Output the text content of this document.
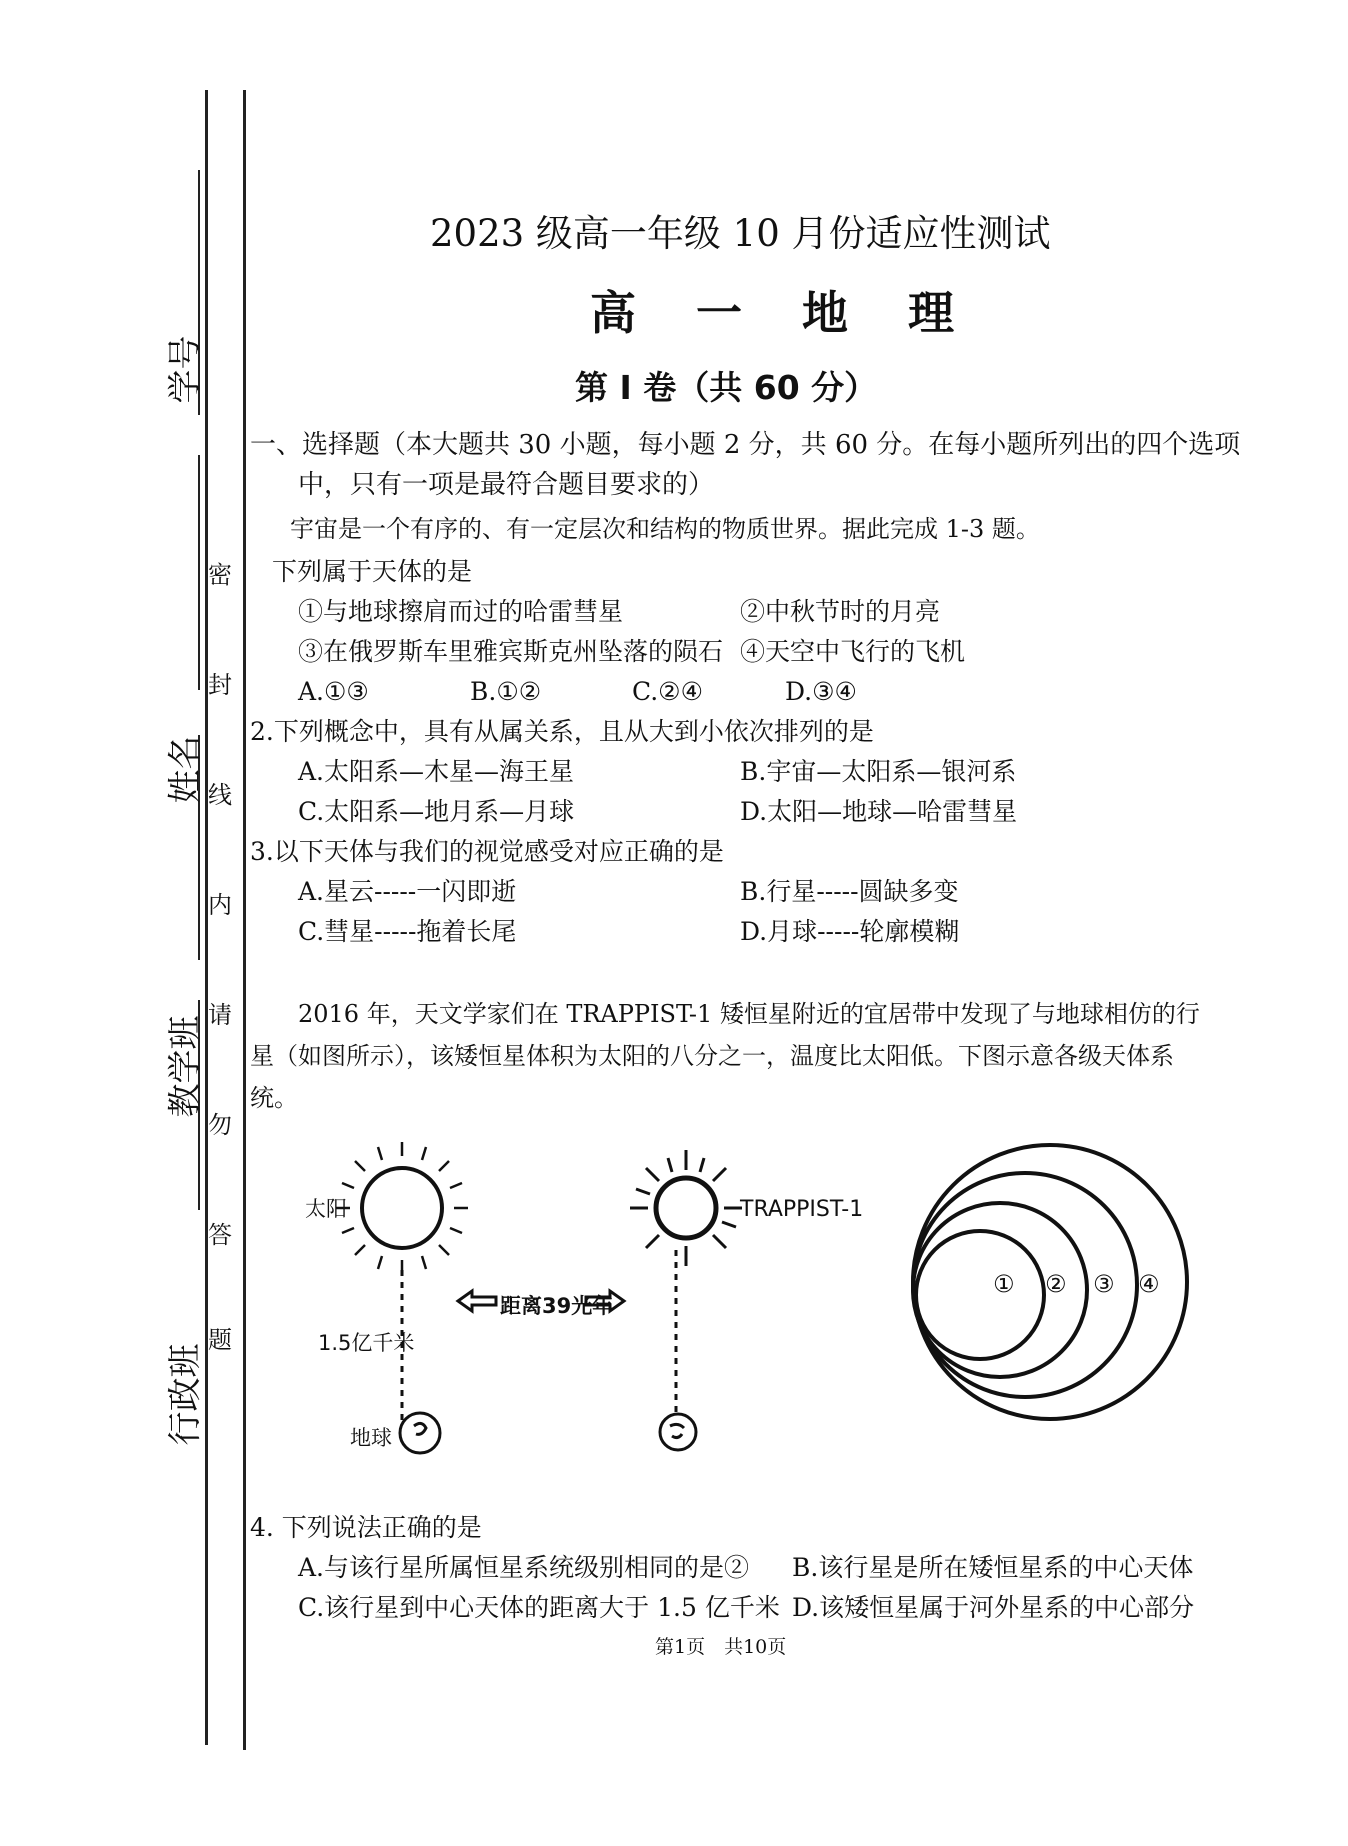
学号
姓名
教学班
行政班
密
封
线
内
请
勿
答
题
2023 级高一年级 10 月份适应性测试
高 一 地 理
第 I 卷（共 60 分）
一、选择题（本大题共 30 小题，每小题 2 分，共 60 分。在每小题所列出的四个选项
中，只有一项是最符合题目要求的）
宇宙是一个有序的、有一定层次和结构的物质世界。据此完成 1-3 题。
下列属于天体的是
①与地球擦肩而过的哈雷彗星	②中秋节时的月亮
③在俄罗斯车里雅宾斯克州坠落的陨石 ④天空中飞行的飞机
A.①③	B.①②	C.②④	D.③④
2.下列概念中，具有从属关系，且从大到小依次排列的是
A.太阳系—木星—海王星	B.宇宙—太阳系—银河系
C.太阳系—地月系—月球	D.太阳—地球—哈雷彗星
3.以下天体与我们的视觉感受对应正确的是
A.星云-----一闪即逝	B.行星-----圆缺多变
C.彗星-----拖着长尾	D.月球-----轮廓模糊
2016 年，天文学家们在 TRAPPIST-1 矮恒星附近的宜居带中发现了与地球相仿的行
星（如图所示），该矮恒星体积为太阳的八分之一，温度比太阳低。下图示意各级天体系
统。
太阳	TRAPPIST-1
距离39光年
1.5亿千米
地球
① ② ③ ④
4. 下列说法正确的是
A.与该行星所属恒星系统级别相同的是② B.该行星是所在矮恒星系的中心天体
C.该行星到中心天体的距离大于 1.5 亿千米 D.该矮恒星属于河外星系的中心部分
第1页　共10页
